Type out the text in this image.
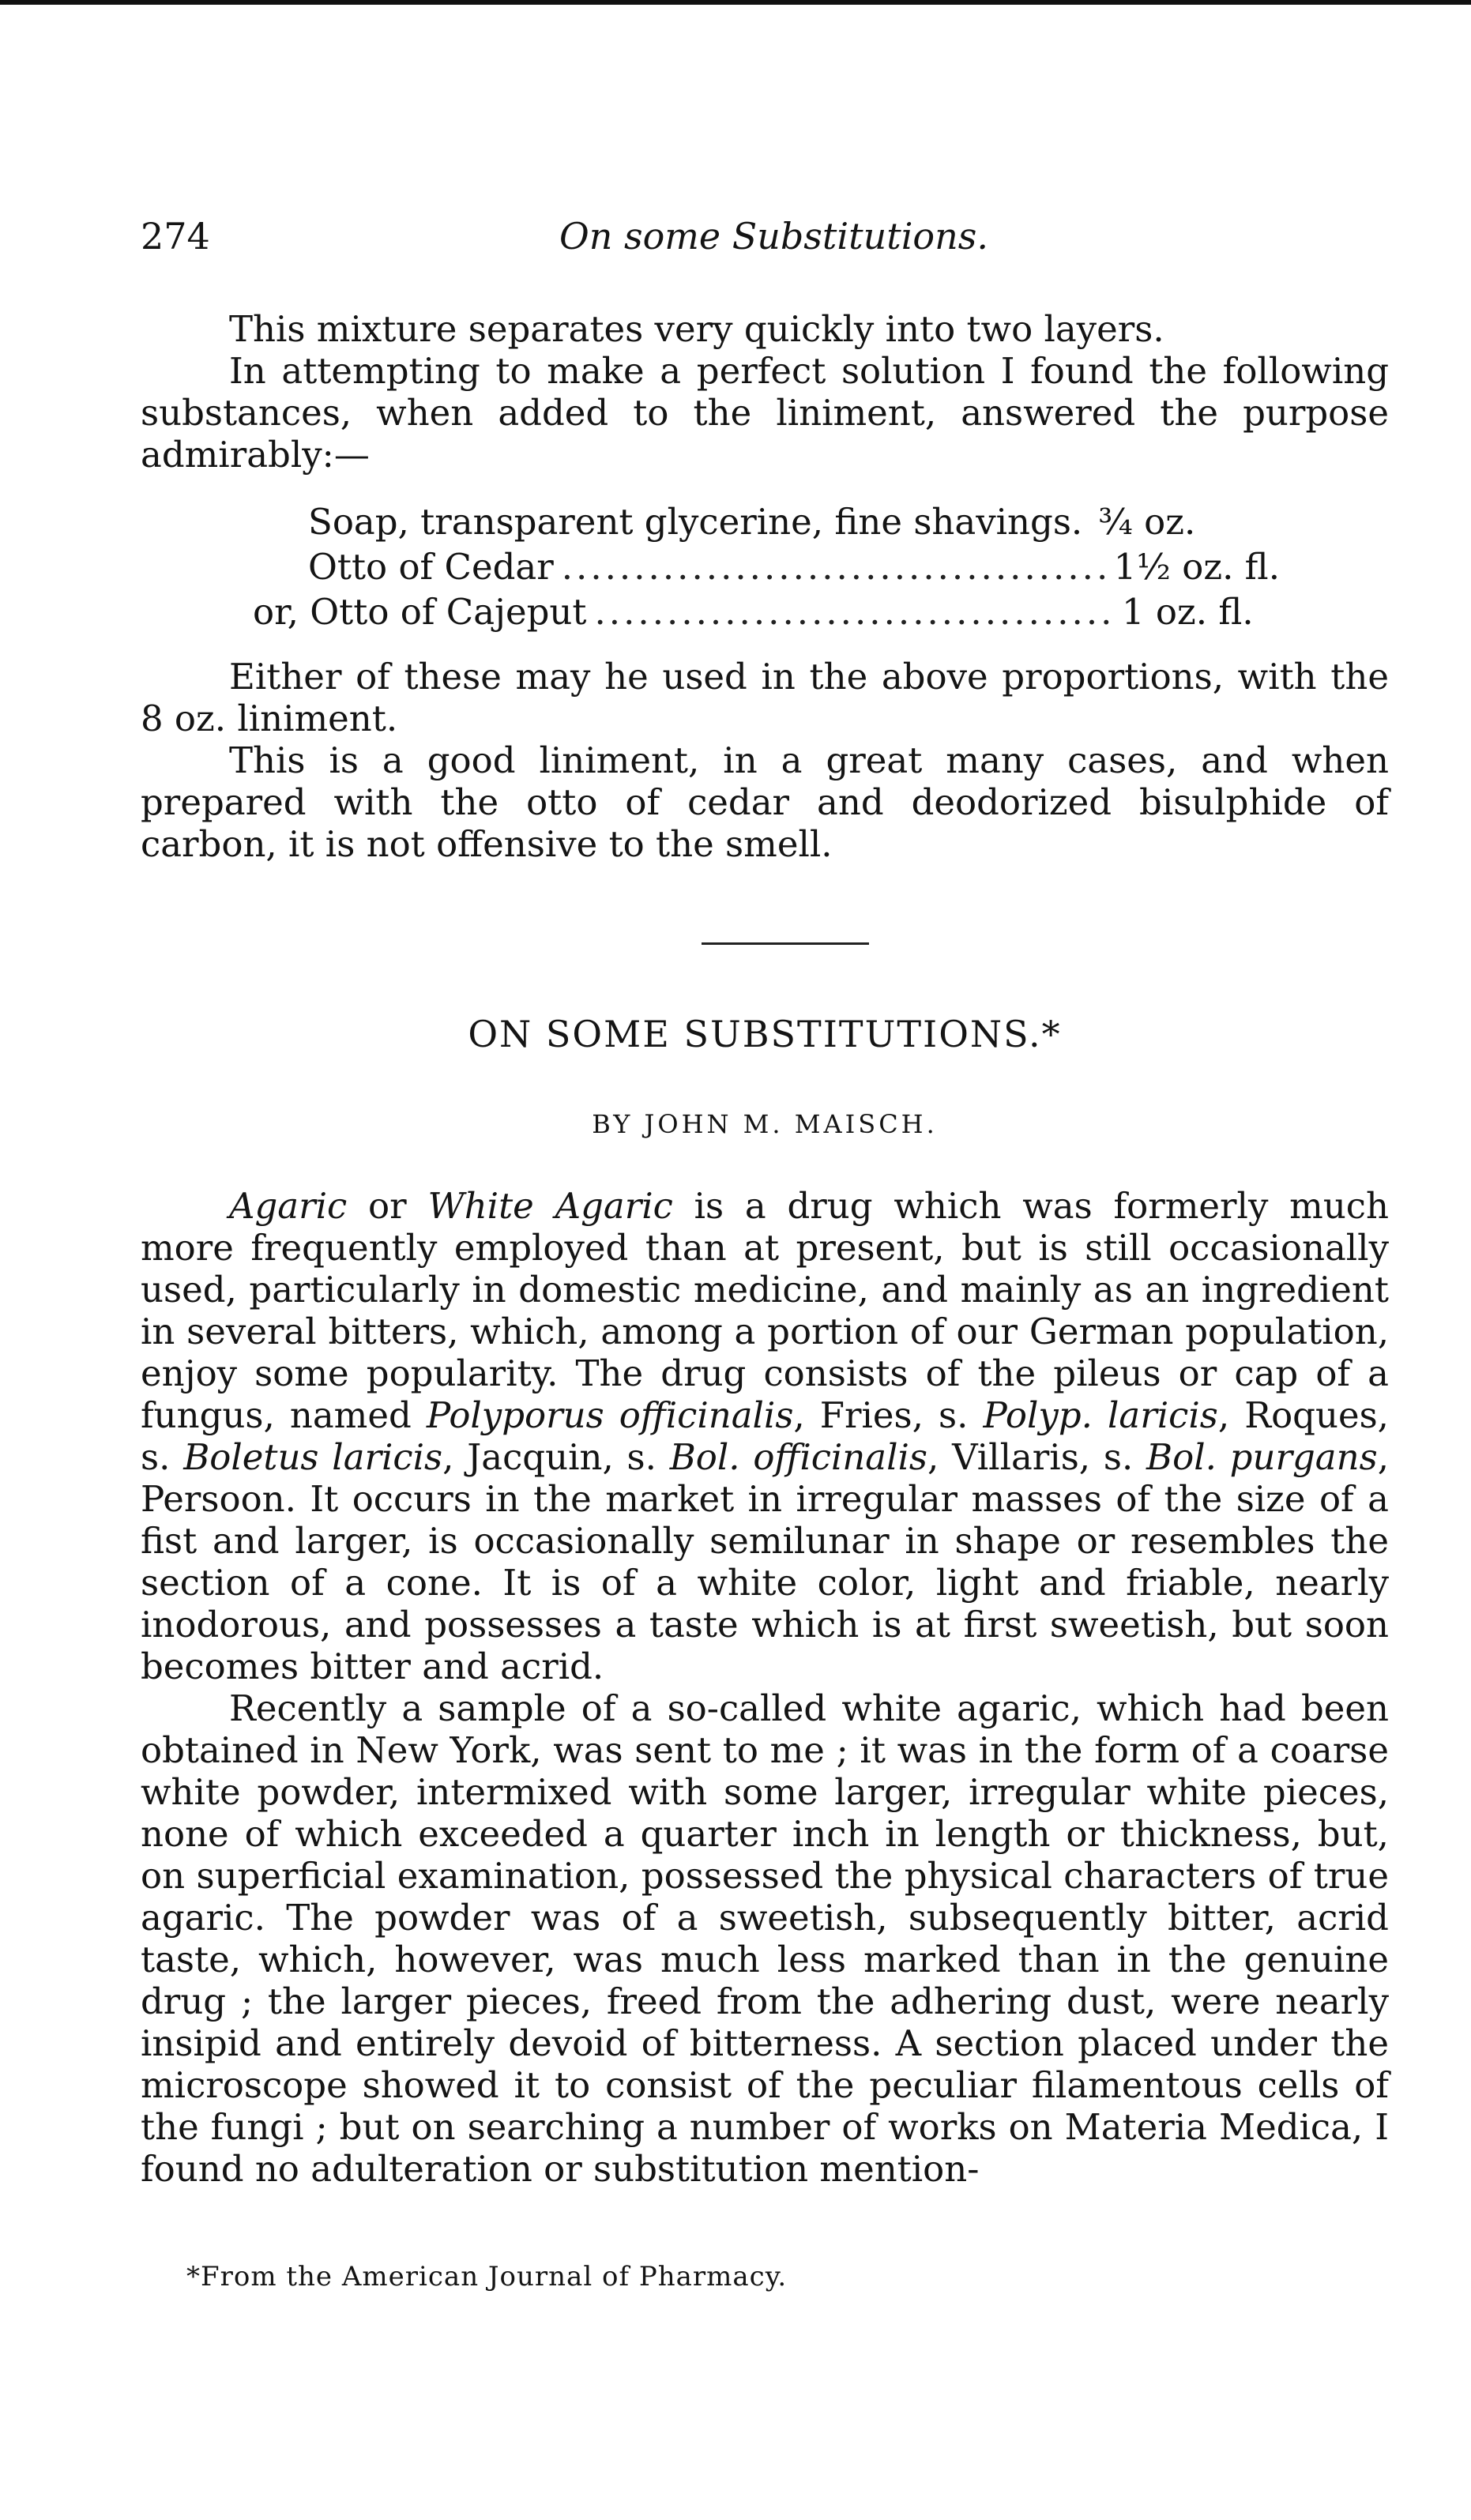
274	On some Substitutions.

This mixture separates very quickly into two layers.

In attempting to make a perfect solution I found the following substances, when added to the liniment, answered the purpose admirably:—

Soap, transparent glycerine, fine shavings. ¾ oz.
Otto of Cedar .....	1½ oz. fl.
or, Otto of Cajeput .....	1 oz. fl.

Either of these may he used in the above proportions, with the 8 oz. liniment.

This is a good liniment, in a great many cases, and when prepared with the otto of cedar and deodorized bisulphide of carbon, it is not offensive to the smell.

ON SOME SUBSTITUTIONS.*
BY JOHN M. MAISCH.

Agaric or White Agaric is a drug which was formerly much more frequently employed than at present, but is still occasionally used, particularly in domestic medicine, and mainly as an ingredient in several bitters, which, among a portion of our German population, enjoy some popularity. The drug consists of the pileus or cap of a fungus, named Polyporus officinalis, Fries, s. Polyp. laricis, Roques, s. Boletus laricis, Jacquin, s. Bol. officinalis, Villaris, s. Bol. purgans, Persoon. It occurs in the market in irregular masses of the size of a fist and larger, is occasionally semilunar in shape or resembles the section of a cone. It is of a white color, light and friable, nearly inodorous, and possesses a taste which is at first sweetish, but soon becomes bitter and acrid.

Recently a sample of a so-called white agaric, which had been obtained in New York, was sent to me ; it was in the form of a coarse white powder, intermixed with some larger, irregular white pieces, none of which exceeded a quarter inch in length or thickness, but, on superficial examination, possessed the physical characters of true agaric. The powder was of a sweetish, subsequently bitter, acrid taste, which, however, was much less marked than in the genuine drug ; the larger pieces, freed from the adhering dust, were nearly insipid and entirely devoid of bitterness. A section placed under the microscope showed it to consist of the peculiar filamentous cells of the fungi ; but on searching a number of works on Materia Medica, I found no adulteration or substitution mention-

*From the American Journal of Pharmacy.
